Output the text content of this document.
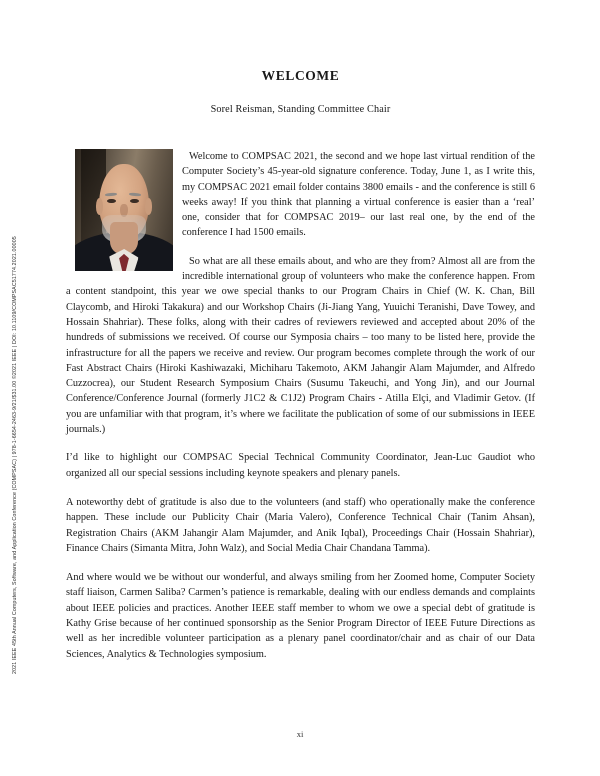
2021 IEEE 45th Annual Computers, Software, and Application Conference (COMPSAC) | 978-1-6654-2463-9/21/$31.00 ©2021 IEEE | DOI: 10.1109/COMPSAC51774.2021.00005
WELCOME

Sorel Reisman, Standing Committee Chair

Welcome to COMPSAC 2021, the second and we hope last virtual rendition of the Computer Society’s 45-year-old signature conference. Today, June 1, as I write this, my COMPSAC 2021 email folder contains 3800 emails - and the conference is still 6 weeks away! If you think that planning a virtual conference is easier than a ‘real’ one, consider that for COMPSAC 2019– our last real one, by the end of the conference I had 1500 emails.

So what are all these emails about, and who are they from? Almost all are from the incredible international group of volunteers who make the conference happen. From a content standpoint, this year we owe special thanks to our Program Chairs in Chief (W. K. Chan, Bill Claycomb, and Hiroki Takakura) and our Workshop Chairs (Ji-Jiang Yang, Yuuichi Teranishi, Dave Towey, and Hossain Shahriar). These folks, along with their cadres of reviewers reviewed and accepted about 20% of the hundreds of submissions we received. Of course our Symposia chairs – too many to be listed here, provide the infrastructure for all the papers we receive and review. Our program becomes complete through the work of our Fast Abstract Chairs (Hiroki Kashiwazaki, Michiharu Takemoto, AKM Jahangir Alam Majumder, and Alfredo Cuzzocrea), our Student Research Symposium Chairs (Susumu Takeuchi, and Yong Jin), and our Journal Conference/Conference Journal (formerly J1C2 & C1J2) Program Chairs - Atilla Elçi, and Vladimir Getov. (If you are unfamiliar with that program, it’s where we facilitate the publication of some of our submissions in IEEE journals.)

I’d like to highlight our COMPSAC Special Technical Community Coordinator, Jean-Luc Gaudiot who organized all our special sessions including keynote speakers and plenary panels.

A noteworthy debt of gratitude is also due to the volunteers (and staff) who operationally make the conference happen. These include our Publicity Chair (Maria Valero), Conference Technical Chair (Tanim Ahsan), Registration Chairs (AKM Jahangir Alam Majumder, and Anik Iqbal), Proceedings Chair (Hossain Shahriar), Finance Chairs (Simanta Mitra, John Walz), and Social Media Chair Chandana Tamma).

And where would we be without our wonderful, and always smiling from her Zoomed home, Computer Society staff liaison, Carmen Saliba? Carmen’s patience is remarkable, dealing with our endless demands and complaints about IEEE policies and practices. Another IEEE staff member to whom we owe a special debt of gratitude is Kathy Grise because of her continued sponsorship as the Senior Program Director of IEEE Future Directions as well as her incredible volunteer participation as a plenary panel coordinator/chair and as chair of our Data Sciences, Analytics & Technologies symposium.

xi
